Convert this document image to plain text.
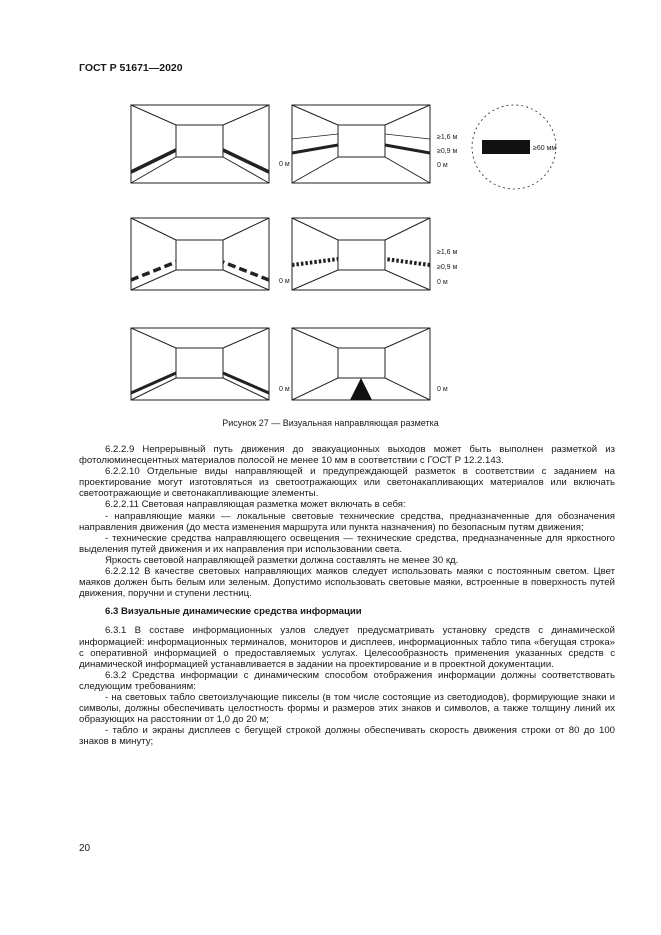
ГОСТ Р 51671—2020
0 м
≥1,6 м
≥0,9 м
0 м
0 м
≥1,6 м
≥0,9 м
0 м
0 м	0 м
≥60 мм
Рисунок 27 — Визуальная направляющая разметка

6.2.2.9 Непрерывный путь движения до эвакуационных выходов может быть выполнен разметкой из фотолюминесцентных материалов полосой не менее 10 мм в соответствии с ГОСТ Р 12.2.143.

6.2.2.10 Отдельные виды направляющей и предупреждающей разметок в соответствии с заданием на проектирование могут изготовляться из светоотражающих или светонакапливающих материалов или включать светоотражающие и светонакапливающие элементы.

6.2.2.11 Световая направляющая разметка может включать в себя:

- направляющие маяки — локальные световые технические средства, предназначенные для обозначения направления движения (до места изменения маршрута или пункта назначения) по безопасным путям движения;

- технические средства направляющего освещения — технические средства, предназначенные для яркостного выделения путей движения и их направления при использовании света.

Яркость световой направляющей разметки должна составлять не менее 30 кд.

6.2.2.12 В качестве световых направляющих маяков следует использовать маяки с постоянным светом. Цвет маяков должен быть белым или зеленым. Допустимо использовать световые маяки, встроенные в поверхность путей движения, поручни и ступени лестниц.

6.3 Визуальные динамические средства информации

6.3.1 В составе информационных узлов следует предусматривать установку средств с динамической информацией: информационных терминалов, мониторов и дисплеев, информационных табло типа «бегущая строка» с оперативной информацией о предоставляемых услугах. Целесообразность применения указанных средств с динамической информацией устанавливается в задании на проектирование и в проектной документации.

6.3.2 Средства информации с динамическим способом отображения информации должны соответствовать следующим требованиям:

- на световых табло светоизлучающие пикселы (в том числе состоящие из светодиодов), формирующие знаки и символы, должны обеспечивать целостность формы и размеров этих знаков и символов, а также толщину линий их образующих на расстоянии от 1,0 до 20 м;

- табло и экраны дисплеев с бегущей строкой должны обеспечивать скорость движения строки от 80 до 100 знаков в минуту;

20
